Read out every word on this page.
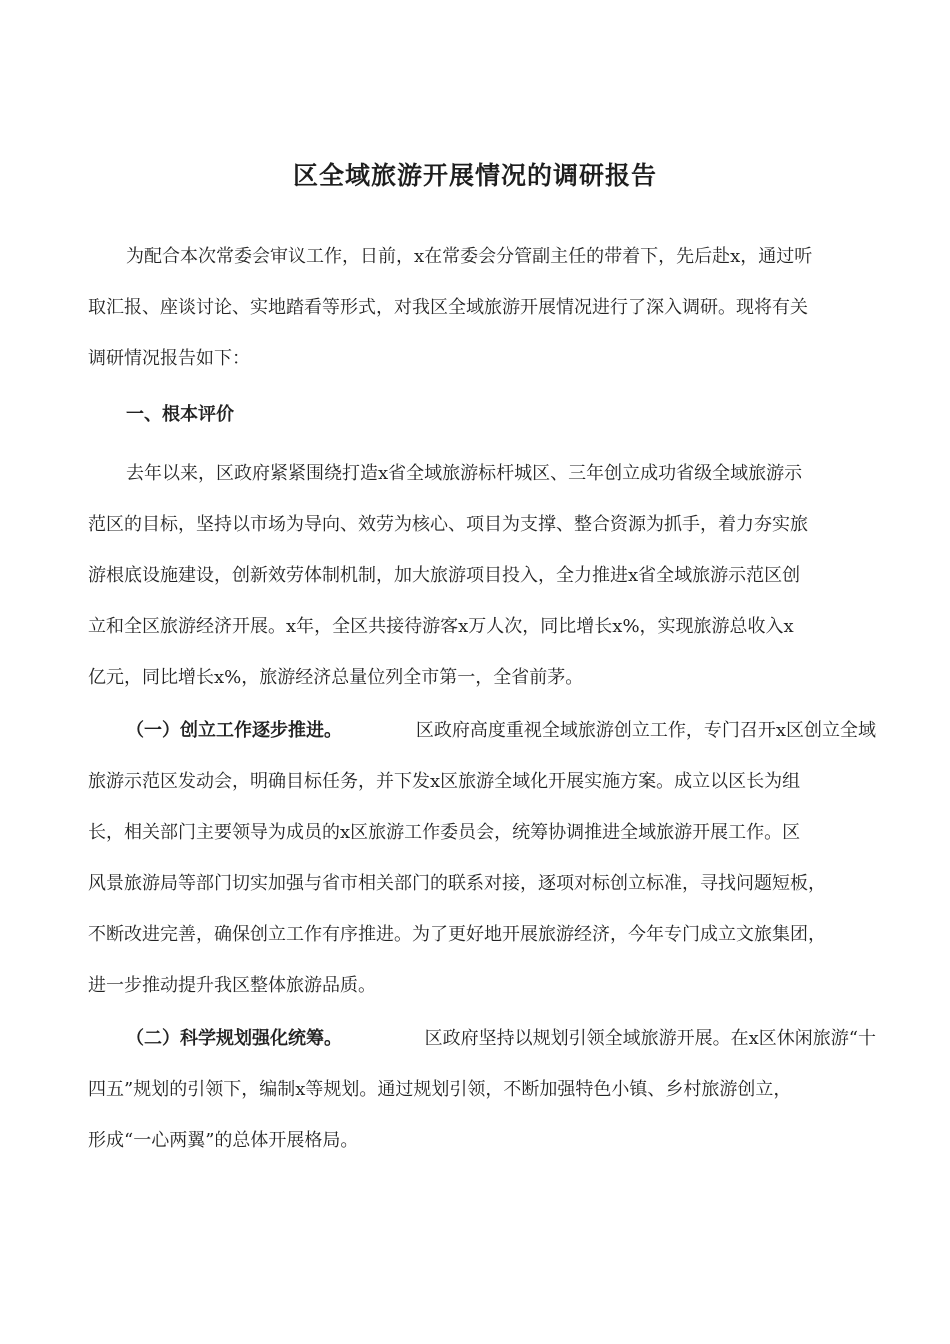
区全域旅游开展情况的调研报告
为配合本次常委会审议工作，日前，x在常委会分管副主任的带着下，先后赴x，通过听
取汇报、座谈讨论、实地踏看等形式，对我区全域旅游开展情况进行了深入调研。现将有关
调研情况报告如下：
一、根本评价
去年以来，区政府紧紧围绕打造x省全域旅游标杆城区、三年创立成功省级全域旅游示
范区的目标，坚持以市场为导向、效劳为核心、项目为支撑、整合资源为抓手，着力夯实旅
游根底设施建设，创新效劳体制机制，加大旅游项目投入，全力推进x省全域旅游示范区创
立和全区旅游经济开展。x年，全区共接待游客x万人次，同比增长x%，实现旅游总收入x
亿元，同比增长x%，旅游经济总量位列全市第一，全省前茅。
（一）创立工作逐步推进。	区政府高度重视全域旅游创立工作，专门召开x区创立全域
旅游示范区发动会，明确目标任务，并下发x区旅游全域化开展实施方案。成立以区长为组
长，相关部门主要领导为成员的x区旅游工作委员会，统筹协调推进全域旅游开展工作。区
风景旅游局等部门切实加强与省市相关部门的联系对接，逐项对标创立标准，寻找问题短板，
不断改进完善，确保创立工作有序推进。为了更好地开展旅游经济，今年专门成立文旅集团，
进一步推动提升我区整体旅游品质。
（二）科学规划强化统筹。	区政府坚持以规划引领全域旅游开展。在x区休闲旅游“十
四五”规划的引领下，编制x等规划。通过规划引领，不断加强特色小镇、乡村旅游创立，
形成“一心两翼”的总体开展格局。
